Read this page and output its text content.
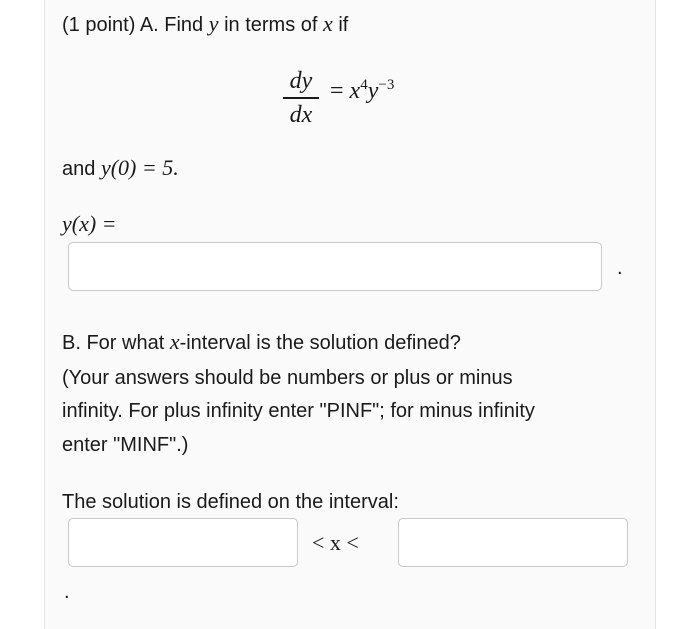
(1 point) A. Find y in terms of x if
dy
dx
= $x^4y^{-3}$
and y(0) = 5.
y(x) =
.
B. For what x-interval is the solution defined?
(Your answers should be numbers or plus or minus
infinity. For plus infinity enter "PINF"; for minus infinity
enter "MINF".)
The solution is defined on the interval:
< x <
.
